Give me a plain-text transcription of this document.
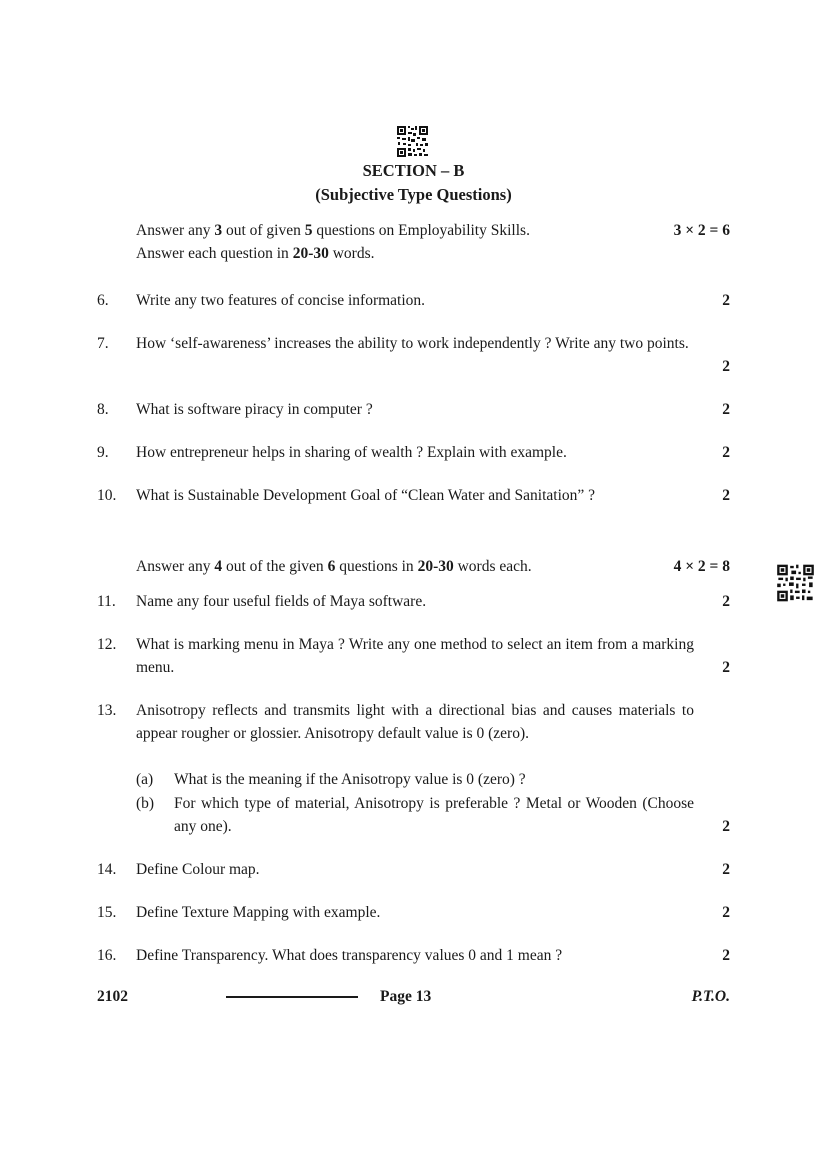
SECTION – B
(Subjective Type Questions)
Answer any 3 out of given 5 questions on Employability Skills.	3 × 2 = 6
Answer each question in 20-30 words.
6. Write any two features of concise information.	2
7. How ‘self-awareness’ increases the ability to work independently ? Write any two points.
2
8. What is software piracy in computer ?	2
9. How entrepreneur helps in sharing of wealth ? Explain with example.	2
10. What is Sustainable Development Goal of “Clean Water and Sanitation” ?	2
Answer any 4 out of the given 6 questions in 20-30 words each.	4 × 2 = 8
11. Name any four useful fields of Maya software.	2
12. What is marking menu in Maya ? Write any one method to select an item from a marking menu.	2
13. Anisotropy reflects and transmits light with a directional bias and causes materials to appear rougher or glossier. Anisotropy default value is 0 (zero).
(a) What is the meaning if the Anisotropy value is 0 (zero) ?
(b) For which type of material, Anisotropy is preferable ? Metal or Wooden (Choose any one).	2
14. Define Colour map.	2
15. Define Texture Mapping with example.	2
16. Define Transparency. What does transparency values 0 and 1 mean ?	2
2102	Page 13	P.T.O.
